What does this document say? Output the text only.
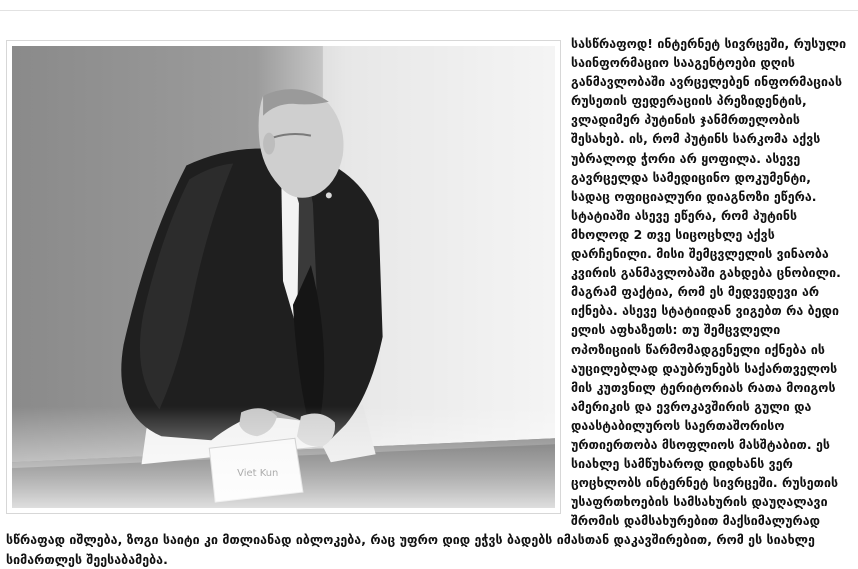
სასწრაფოდ! ინტერნეტ სივრცეში, რუსული საინფორმაციო სააგენტოები დღის განმავლობაში ავრცელებენ ინფორმაციას რუსეთის ფედერაციის პრეზიდენტის, ვლადიმერ პუტინის ჯანმრთელობის შესახებ. ის, რომ პუტინს სარკომა აქვს უბრალოდ ჭორი არ ყოფილა. ასევე გავრცელდა სამედიცინო დოკუმენტი, სადაც ოფიციალური დიაგნოზი ეწერა. სტატიაში ასევე ეწერა, რომ პუტინს მხოლოდ 2 თვე სიცოცხლე აქვს დარჩენილი. მისი შემცვლელის ვინაობა კვირის განმავლობაში გახდება ცნობილი. მაგრამ ფაქტია, რომ ეს მედვედევი არ იქნება. ასევე სტატიიდან ვიგებთ რა ბედი ელის აფხაზეთს: თუ შემცვლელი ოპოზიციის წარმომადგენელი იქნება ის აუცილებლად დაუბრუნებს საქართველოს მის კუთვნილ ტერიტორიას რათა მოიგოს ამერიკის და ევროკავშირის გული და დაასტაბილუროს საერთაშორისო ურთიერთობა მსოფლიოს მასშტაბით. ეს სიახლე სამწუხაროდ დიდხანს ვერ ცოცხლობს ინტერნეტ სივრცეში. რუსეთის უსაფრთხოების სამსახურის დაუღალავი შრომის დამსახურებით მაქსიმალურად სწრაფად იშლება, ზოგი საიტი კი მთლიანად იბლოკება, რაც უფრო დიდ ეჭვს ბადებს იმასთან დაკავშირებით, რომ ეს სიახლე სიმართლეს შეესაბამება.
